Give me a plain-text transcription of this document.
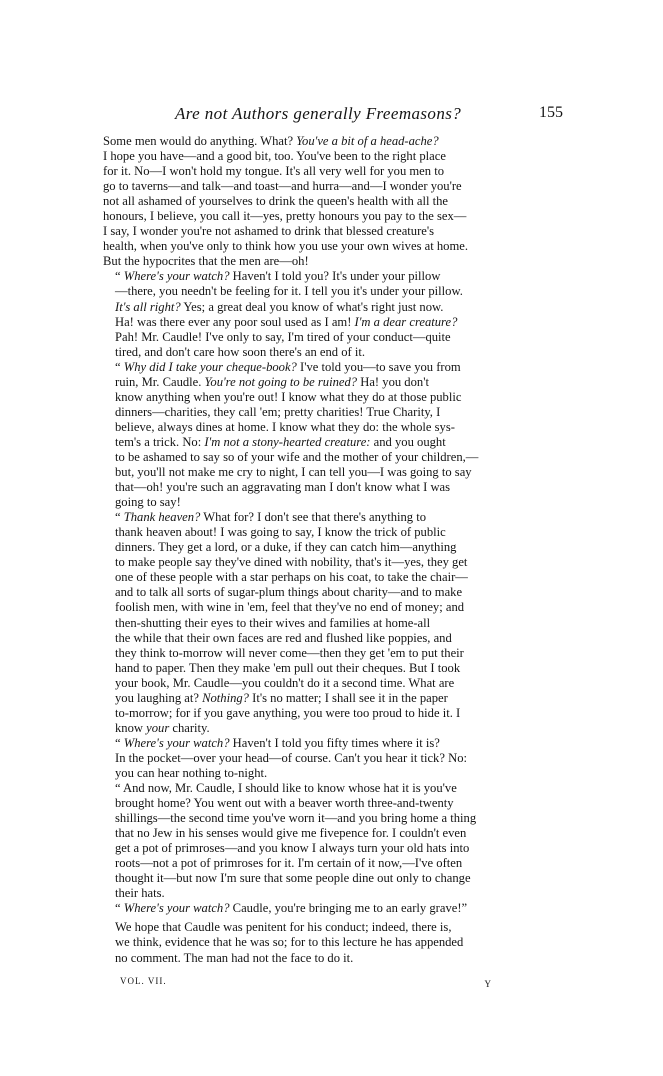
Are not Authors generally Freemasons?	155
Some men would do anything. What? You've a bit of a head-ache?
I hope you have—and a good bit, too. You've been to the right place
for it. No—I won't hold my tongue. It's all very well for you men to
go to taverns—and talk—and toast—and hurra—and—I wonder you're
not all ashamed of yourselves to drink the queen's health with all the
honours, I believe, you call it—yes, pretty honours you pay to the sex—
I say, I wonder you're not ashamed to drink that blessed creature's
health, when you've only to think how you use your own wives at home.
But the hypocrites that the men are—oh!
“ Where's your watch? Haven't I told you? It's under your pillow
—there, you needn't be feeling for it. I tell you it's under your pillow.
It's all right? Yes; a great deal you know of what's right just now.
Ha! was there ever any poor soul used as I am! I'm a dear creature?
Pah! Mr. Caudle! I've only to say, I'm tired of your conduct—quite
tired, and don't care how soon there's an end of it.
“ Why did I take your cheque-book? I've told you—to save you from
ruin, Mr. Caudle. You're not going to be ruined? Ha! you don't
know anything when you're out! I know what they do at those public
dinners—charities, they call 'em; pretty charities! True Charity, I
believe, always dines at home. I know what they do: the whole sys-
tem's a trick. No: I'm not a stony-hearted creature: and you ought
to be ashamed to say so of your wife and the mother of your children,—
but, you'll not make me cry to night, I can tell you—I was going to say
that—oh! you're such an aggravating man I don't know what I was
going to say!
“ Thank heaven? What for? I don't see that there's anything to
thank heaven about! I was going to say, I know the trick of public
dinners. They get a lord, or a duke, if they can catch him—anything
to make people say they've dined with nobility, that's it—yes, they get
one of these people with a star perhaps on his coat, to take the chair—
and to talk all sorts of sugar-plum things about charity—and to make
foolish men, with wine in 'em, feel that they've no end of money; and
then-shutting their eyes to their wives and families at home-all
the while that their own faces are red and flushed like poppies, and
they think to-morrow will never come—then they get 'em to put their
hand to paper. Then they make 'em pull out their cheques. But I took
your book, Mr. Caudle—you couldn't do it a second time. What are
you laughing at? Nothing? It's no matter; I shall see it in the paper
to-morrow; for if you gave anything, you were too proud to hide it. I
know your charity.
“ Where's your watch? Haven't I told you fifty times where it is?
In the pocket—over your head—of course. Can't you hear it tick? No:
you can hear nothing to-night.
“ And now, Mr. Caudle, I should like to know whose hat it is you've
brought home? You went out with a beaver worth three-and-twenty
shillings—the second time you've worn it—and you bring home a thing
that no Jew in his senses would give me fivepence for. I couldn't even
get a pot of primroses—and you know I always turn your old hats into
roots—not a pot of primroses for it. I'm certain of it now,—I've often
thought it—but now I'm sure that some people dine out only to change
their hats.
“ Where's your watch? Caudle, you're bringing me to an early grave!”
We hope that Caudle was penitent for his conduct; indeed, there is,
we think, evidence that he was so; for to this lecture he has appended
no comment. The man had not the face to do it.
VOL. VII.	Y
